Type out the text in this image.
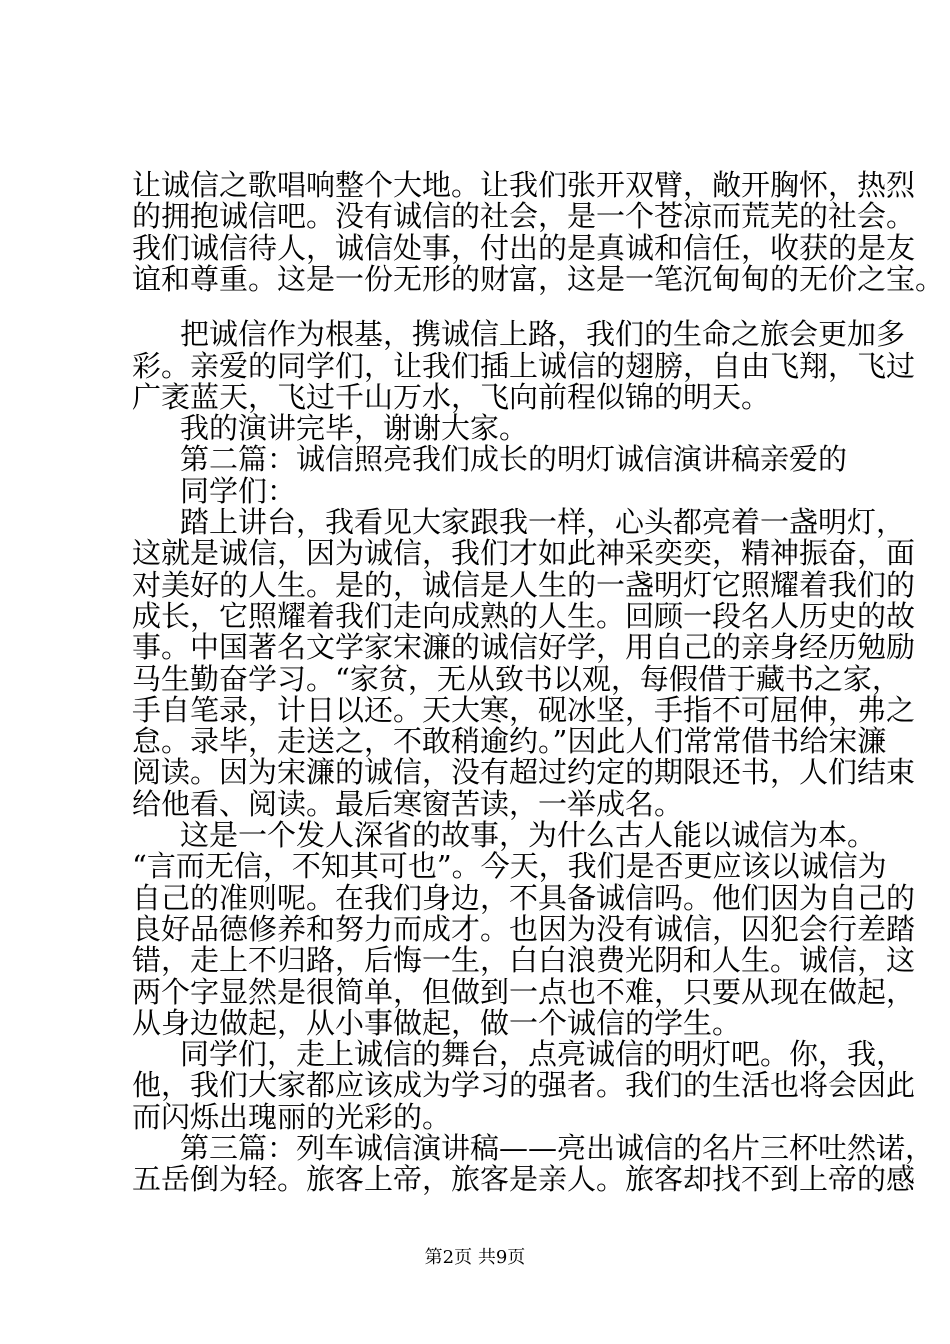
让诚信之歌唱响整个大地。让我们张开双臂，敞开胸怀，热烈
的拥抱诚信吧。没有诚信的社会，是一个苍凉而荒芜的社会。
我们诚信待人，诚信处事，付出的是真诚和信任，收获的是友
谊和尊重。这是一份无形的财富，这是一笔沉甸甸的无价之宝。
把诚信作为根基，携诚信上路，我们的生命之旅会更加多
彩。亲爱的同学们，让我们插上诚信的翅膀，自由飞翔，飞过
广袤蓝天，飞过千山万水，飞向前程似锦的明天。
我的演讲完毕，谢谢大家。
第二篇：诚信照亮我们成长的明灯诚信演讲稿亲爱的
同学们：
踏上讲台，我看见大家跟我一样，心头都亮着一盏明灯，
这就是诚信，因为诚信，我们才如此神采奕奕，精神振奋，面
对美好的人生。是的，诚信是人生的一盏明灯它照耀着我们的
成长，它照耀着我们走向成熟的人生。回顾一段名人历史的故
事。中国著名文学家宋濂的诚信好学，用自己的亲身经历勉励
马生勤奋学习。“家贫，无从致书以观，每假借于藏书之家，
手自笔录，计日以还。天大寒，砚冰坚，手指不可屈伸，弗之
怠。录毕，走送之，不敢稍逾约。”因此人们常常借书给宋濂
阅读。因为宋濂的诚信，没有超过约定的期限还书，人们结束
给他看、阅读。最后寒窗苦读，一举成名。
这是一个发人深省的故事，为什么古人能以诚信为本。
“言而无信，不知其可也”。今天，我们是否更应该以诚信为
自己的准则呢。在我们身边，不具备诚信吗。他们因为自己的
良好品德修养和努力而成才。也因为没有诚信，囚犯会行差踏
错，走上不归路，后悔一生，白白浪费光阴和人生。诚信，这
两个字显然是很简单，但做到一点也不难，只要从现在做起，
从身边做起，从小事做起，做一个诚信的学生。
同学们，走上诚信的舞台，点亮诚信的明灯吧。你，我，
他，我们大家都应该成为学习的强者。我们的生活也将会因此
而闪烁出瑰丽的光彩的。
第三篇：列车诚信演讲稿——亮出诚信的名片三杯吐然诺，
五岳倒为轻。旅客上帝，旅客是亲人。旅客却找不到上帝的感
第2页 共9页
